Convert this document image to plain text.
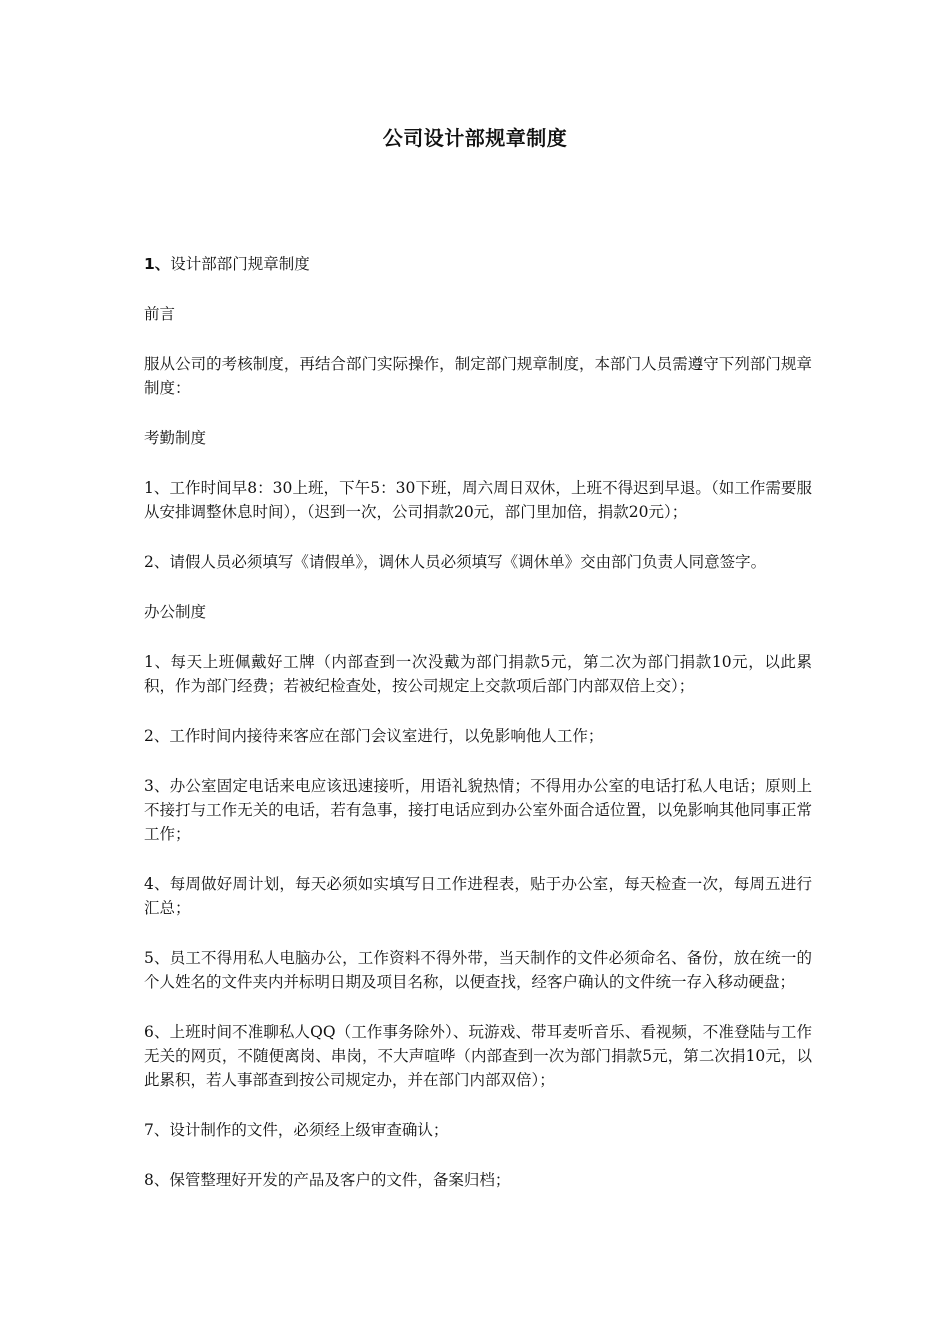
公司设计部规章制度

1、设计部部门规章制度

前言

服从公司的考核制度，再结合部门实际操作，制定部门规章制度，本部门人员需遵守下列部门规章制度：

考勤制度

1、工作时间早8：30上班，下午5：30下班，周六周日双休，上班不得迟到早退。（如工作需要服从安排调整休息时间），（迟到一次，公司捐款20元，部门里加倍，捐款20元）；

2、请假人员必须填写《请假单》，调休人员必须填写《调休单》交由部门负责人同意签字。

办公制度

1、每天上班佩戴好工牌（内部查到一次没戴为部门捐款5元，第二次为部门捐款10元，以此累积，作为部门经费；若被纪检查处，按公司规定上交款项后部门内部双倍上交）；

2、工作时间内接待来客应在部门会议室进行，以免影响他人工作；

3、办公室固定电话来电应该迅速接听，用语礼貌热情；不得用办公室的电话打私人电话；原则上不接打与工作无关的电话，若有急事，接打电话应到办公室外面合适位置，以免影响其他同事正常工作；

4、每周做好周计划，每天必须如实填写日工作进程表，贴于办公室，每天检查一次，每周五进行汇总；

5、员工不得用私人电脑办公，工作资料不得外带，当天制作的文件必须命名、备份，放在统一的个人姓名的文件夹内并标明日期及项目名称，以便查找，经客户确认的文件统一存入移动硬盘；

6、上班时间不准聊私人QQ（工作事务除外）、玩游戏、带耳麦听音乐、看视频，不准登陆与工作无关的网页，不随便离岗、串岗，不大声喧哗（内部查到一次为部门捐款5元，第二次捐10元，以此累积，若人事部查到按公司规定办，并在部门内部双倍）；

7、设计制作的文件，必须经上级审查确认；

8、保管整理好开发的产品及客户的文件，备案归档；
